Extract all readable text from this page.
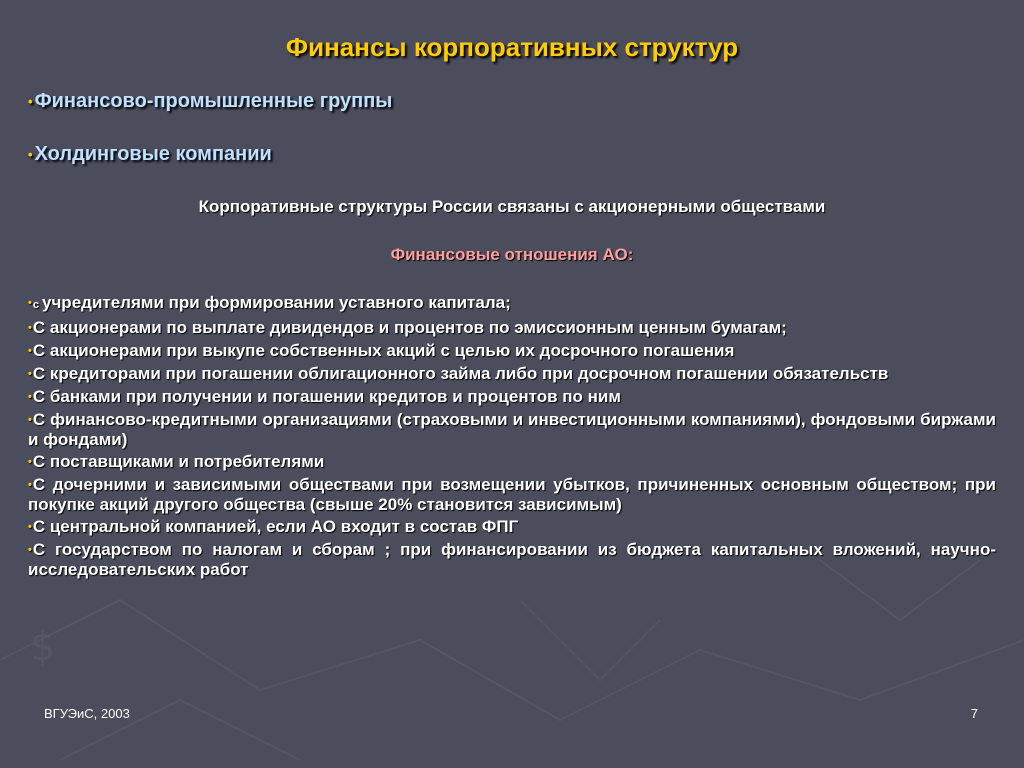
$
Финансы корпоративных структур
• Финансово-промышленные группы
• Холдинговые компании
Корпоративные структуры России связаны с акционерными обществами
Финансовые отношения АО:
•с учредителями при формировании уставного капитала;
•С акционерами по выплате дивидендов и процентов по эмиссионным ценным бумагам;
•С акционерами при выкупе собственных акций с целью их досрочного погашения
•С кредиторами при погашении облигационного займа либо при досрочном погашении обязательств
•С банками при получении и погашении кредитов и процентов по ним
•С финансово-кредитными организациями (страховыми и инвестиционными компаниями), фондовыми биржами и фондами)
•С поставщиками и потребителями
•С дочерними и зависимыми обществами при возмещении убытков, причиненных основным обществом; при покупке акций другого общества (свыше 20% становится зависимым)
•С центральной компанией, если АО входит в состав ФПГ
•С государством по налогам и сборам ; при финансировании из бюджета капитальных вложений, научно-исследовательских работ
ВГУЭиС, 2003	7
